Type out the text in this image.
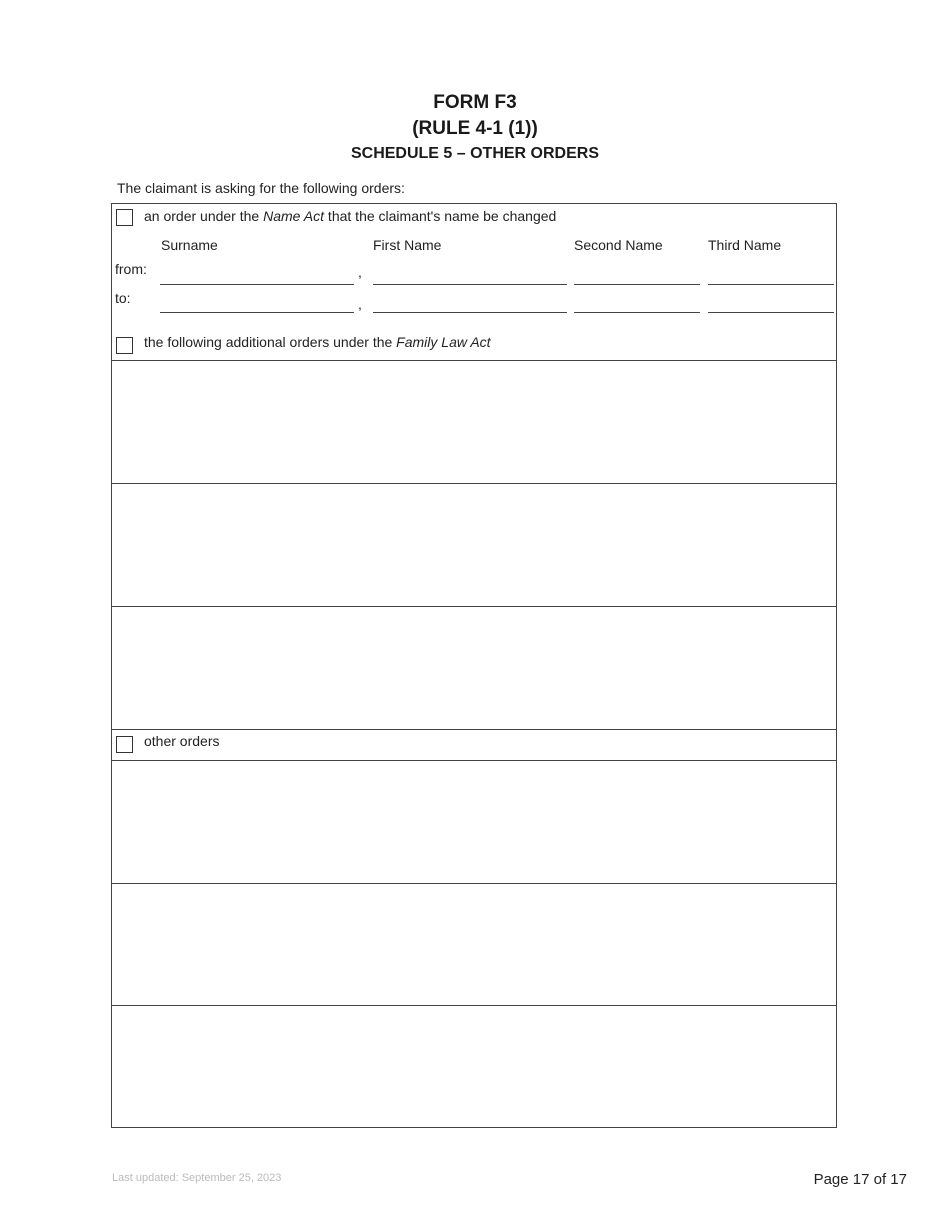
FORM F3
(RULE 4-1 (1))
SCHEDULE 5 – OTHER ORDERS
The claimant is asking for the following orders:
an order under the Name Act that the claimant's name be changed
Surname	First Name	Second Name	Third Name
from:	,
to:	,
the following additional orders under the Family Law Act
other orders
Last updated: September 25, 2023	Page 17 of 17
